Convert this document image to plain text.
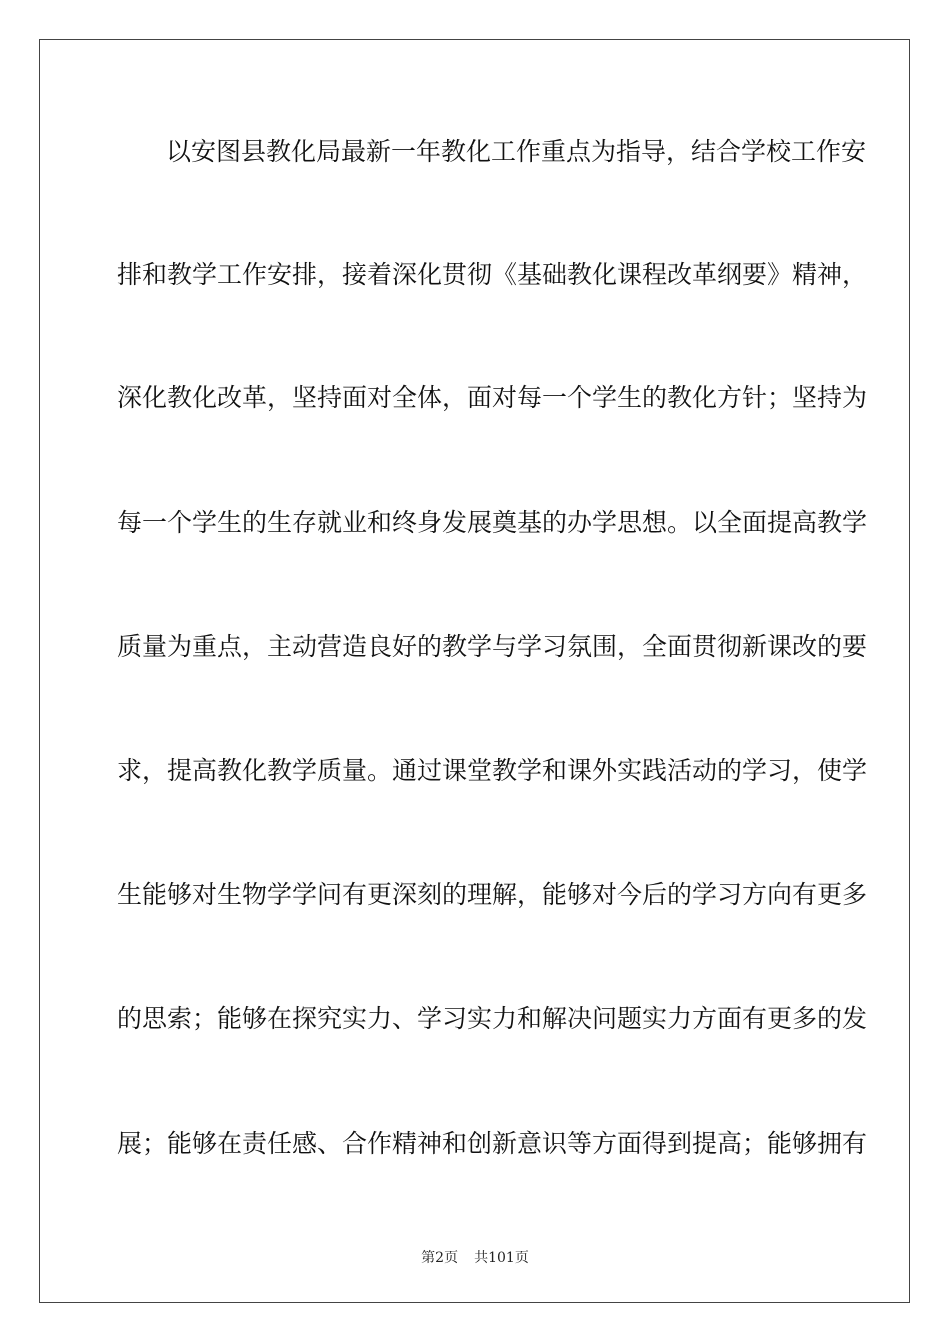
以安图县教化局最新一年教化工作重点为指导，结合学校工作安
排和教学工作安排，接着深化贯彻《基础教化课程改革纲要》精神，
深化教化改革，坚持面对全体，面对每一个学生的教化方针；坚持为
每一个学生的生存就业和终身发展奠基的办学思想。以全面提高教学
质量为重点，主动营造良好的教学与学习氛围，全面贯彻新课改的要
求，提高教化教学质量。通过课堂教学和课外实践活动的学习，使学
生能够对生物学学问有更深刻的理解，能够对今后的学习方向有更多
的思索；能够在探究实力、学习实力和解决问题实力方面有更多的发
展；能够在责任感、合作精神和创新意识等方面得到提高；能够拥有
第2页 共101页
